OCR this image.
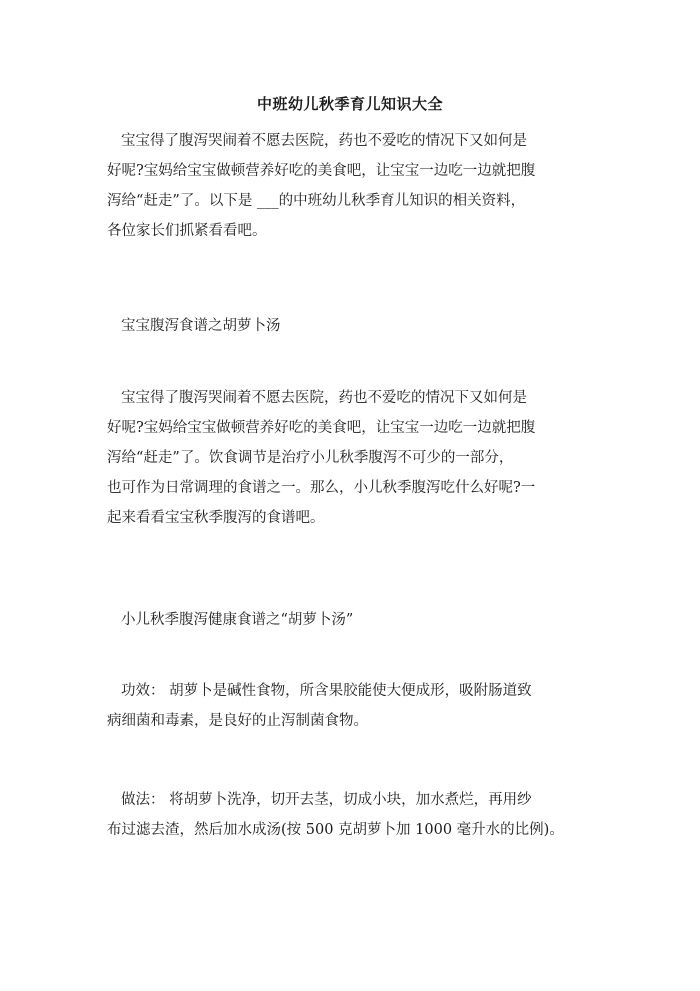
中班幼儿秋季育儿知识大全

宝宝得了腹泻哭闹着不愿去医院，药也不爱吃的情况下又如何是
好呢?宝妈给宝宝做顿营养好吃的美食吧，让宝宝一边吃一边就把腹
泻给“赶走”了。以下是 ___的中班幼儿秋季育儿知识的相关资料，
各位家长们抓紧看看吧。

宝宝腹泻食谱之胡萝卜汤

宝宝得了腹泻哭闹着不愿去医院，药也不爱吃的情况下又如何是
好呢?宝妈给宝宝做顿营养好吃的美食吧，让宝宝一边吃一边就把腹
泻给“赶走”了。饮食调节是治疗小儿秋季腹泻不可少的一部分，
也可作为日常调理的食谱之一。那么，小儿秋季腹泻吃什么好呢?一
起来看看宝宝秋季腹泻的食谱吧。

小儿秋季腹泻健康食谱之“胡萝卜汤”

功效： 胡萝卜是碱性食物，所含果胶能使大便成形，吸附肠道致
病细菌和毒素，是良好的止泻制菌食物。

做法： 将胡萝卜洗净，切开去茎，切成小块，加水煮烂，再用纱
布过滤去渣，然后加水成汤(按 500 克胡萝卜加 1000 毫升水的比例)。
